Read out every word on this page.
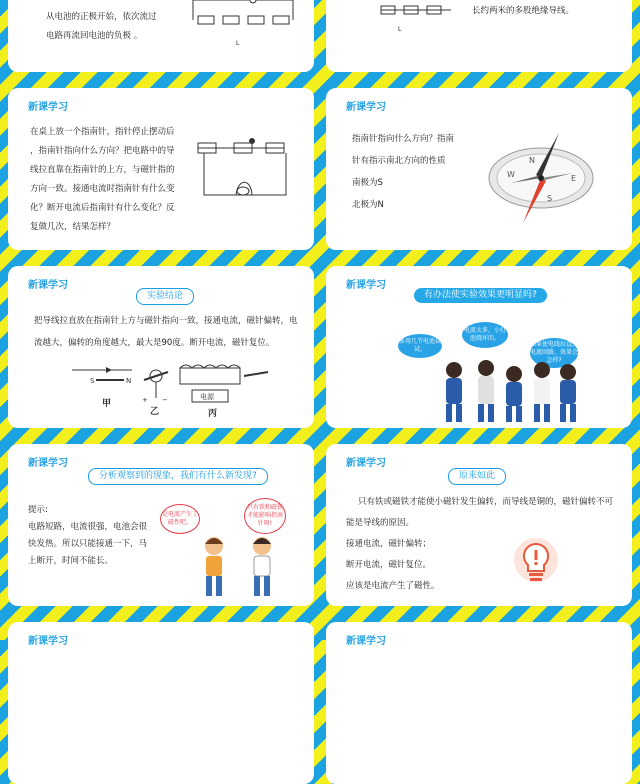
从电池的正极开始，依次流过
电路再流回电池的负极 。
L
L
长约两米的多股绝缘导线。
新课学习
在桌上放一个指南针，指针停止摆动后
，指南针指向什么方向？把电路中的导
线拉直靠在指南针的上方，与磁针指的
方向一致。接通电流时指南针有什么变
化？断开电流后指南针有什么变化？反
复做几次，结果怎样？
新课学习
指南针指向什么方向？指南
针有指示南北方向的性质
南极为S
北极为N
W	E
N
S
新课学习
实验结论
把导线拉直放在指南针上方与磁针指向一致，接通电流，磁针偏转，电
流越大，偏转的角度越大，最大是90度。断开电流，磁针复位。
S	N
甲	+ −
乙
电源
丙
新课学习
有办法使实验效果更明显吗?
多用几节电池试试。
电流太多，小灯泡烧坏的。
如果使电线拉直，电流回路，效果会怎样?
新课学习
分析观察到的现象，我们有什么新发现?
提示:
电路短路，电流很强，电池会很
快发热。所以只能接通一下，马
上断开，时间不能长。
是电流产生了磁性吧。
只有铁和磁铁才能影响指南针呀!
新课学习
原来如此
只有铁或磁铁才能使小磁针发生偏转，而导线是铜的，磁针偏转不可
能是导线的原因。
接通电流，磁针偏转；
断开电流，磁针复位。
应该是电流产生了磁性。
新课学习	新课学习
